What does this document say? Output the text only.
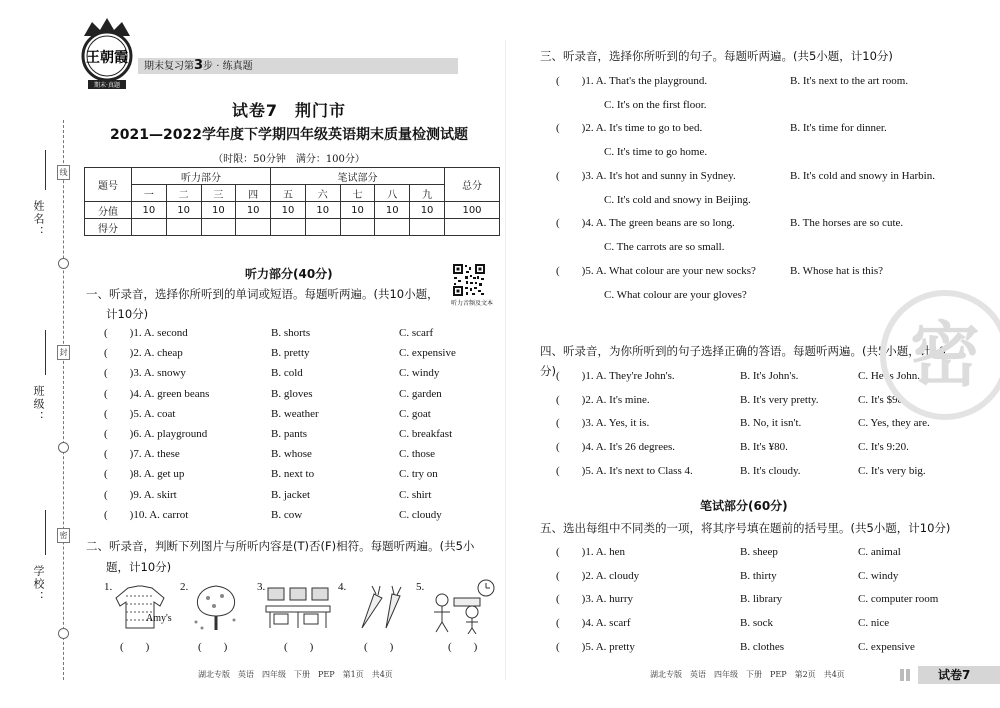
线
封
密
姓名：
班级：
学校：
王朝霞
期末·真题
期末复习第3步 · 练真题
试卷7　荆门市
2021—2022学年度下学期四年级英语期末质量检测试题
（时限：50分钟　满分：100分）
题号	听力部分				笔试部分					总分
	一	二	三	四	五	六	七	八	九	
分值	10	10	10	10	10	10	10	10	10	100
得分										
听力部分(40分)
听力音频及文本
一、听录音，选择你所听到的单词或短语。每题听两遍。(共10小题，
计10分)
(　　)1. A. second	B. shorts	C. scarf
(　　)2. A. cheap	B. pretty	C. expensive
(　　)3. A. snowy	B. cold	C. windy
(　　)4. A. green beans	B. gloves	C. garden
(　　)5. A. coat	B. weather	C. goat
(　　)6. A. playground	B. pants	C. breakfast
(　　)7. A. these	B. whose	C. those
(　　)8. A. get up	B. next to	C. try on
(　　)9. A. skirt	B. jacket	C. shirt
(　　)10. A. carrot	B. cow	C. cloudy
二、听录音，判断下列图片与所听内容是(T)否(F)相符。每题听两遍。(共5小
题，计10分)
1.
Amy's
2.	3.	4.	5.
(　　)	(　　)	(　　)	(　　)	(　　)
湖北专版 英语 四年级 下册 PEP 第1页 共4页
三、听录音，选择你所听到的句子。每题听两遍。(共5小题，计10分)
(　　)1. A. That's the playground.	B. It's next to the art room.
C. It's on the first floor.
(　　)2. A. It's time to go to bed.	B. It's time for dinner.
C. It's time to go home.
(　　)3. A. It's hot and sunny in Sydney.	B. It's cold and snowy in Harbin.
C. It's cold and snowy in Beijing.
(　　)4. A. The green beans are so long.	B. The horses are so cute.
C. The carrots are so small.
(　　)5. A. What colour are your new socks?	B. Whose hat is this?
C. What colour are your gloves?
四、听录音，为你所听到的句子选择正确的答语。每题听两遍。(共5小题，计10分) (　　)1. A. They're John's.	B. It's John's.	C. He is John.
(　　)2. A. It's mine.	B. It's very pretty.	C. It's $98.
(　　)3. A. Yes, it is.	B. No, it isn't.	C. Yes, they are.
(　　)4. A. It's 26 degrees.	B. It's ¥80.	C. It's 9:20.
(　　)5. A. It's next to Class 4.	B. It's cloudy.	C. It's very big.
笔试部分(60分)
五、选出每组中不同类的一项，将其序号填在题前的括号里。(共5小题，计10分)
(　　)1. A. hen	B. sheep	C. animal
(　　)2. A. cloudy	B. thirty	C. windy
(　　)3. A. hurry	B. library	C. computer room
(　　)4. A. scarf	B. sock	C. nice
(　　)5. A. pretty	B. clothes	C. expensive
密
湖北专版 英语 四年级 下册 PEP 第2页 共4页	试卷7
